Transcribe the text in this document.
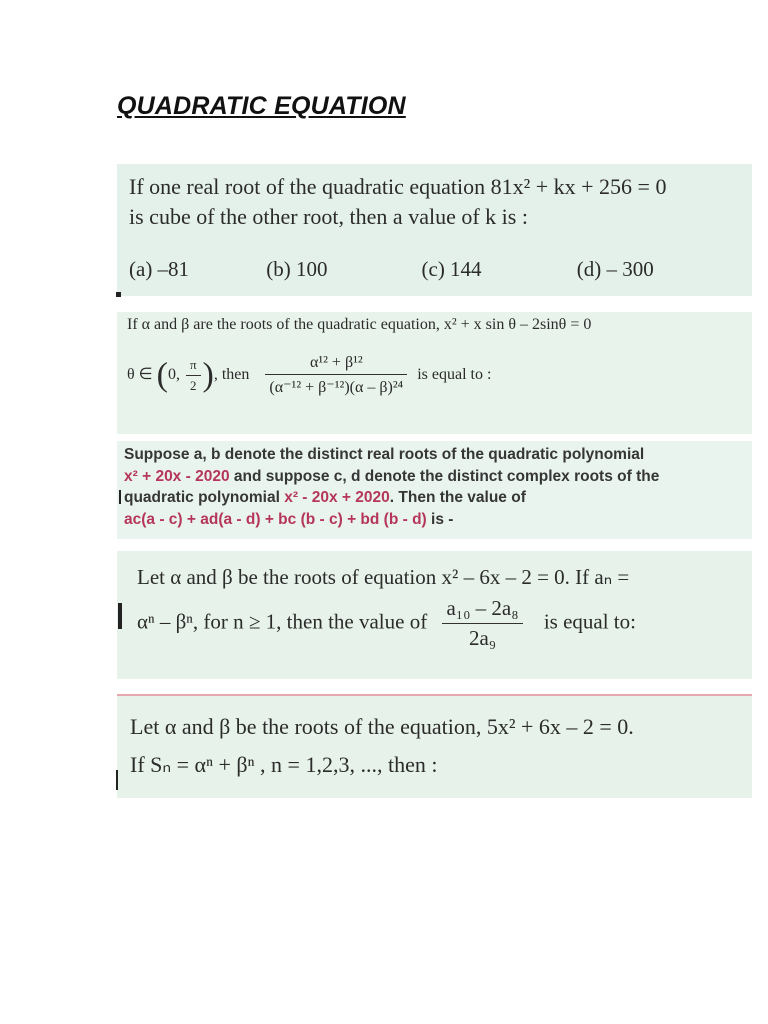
QUADRATIC EQUATION
If one real root of the quadratic equation 81x² + kx + 256 = 0
is cube of the other root, then a value of k is :
(a) –81	(b) 100	(c) 144	(d) – 300
If α and β are the roots of the quadratic equation, x² + x sin θ – 2sinθ = 0
θ ∈ (0, $\frac{\pi}{2}$ ), then $\frac{\text{α¹² + β¹²}}{\text{(α⁻¹² + β⁻¹²)(α – β)²⁴}}$ is equal to :
Suppose a, b denote the distinct real roots of the quadratic polynomial
x² + 20x - 2020 and suppose c, d denote the distinct complex roots of the
quadratic polynomial x² - 20x + 2020. Then the value of
ac(a - c) + ad(a - d) + bc (b - c) + bd (b - d) is -
Let α and β be the roots of equation x² – 6x – 2 = 0. If aₙ =
αⁿ – βⁿ, for n ≥ 1, then the value of $\frac{\text{a₁₀ – 2a₈}}{\text{2a₉}}$ is equal to:
Let α and β be the roots of the equation, 5x² + 6x – 2 = 0.
If Sₙ = αⁿ + βⁿ , n = 1,2,3, ..., then :
